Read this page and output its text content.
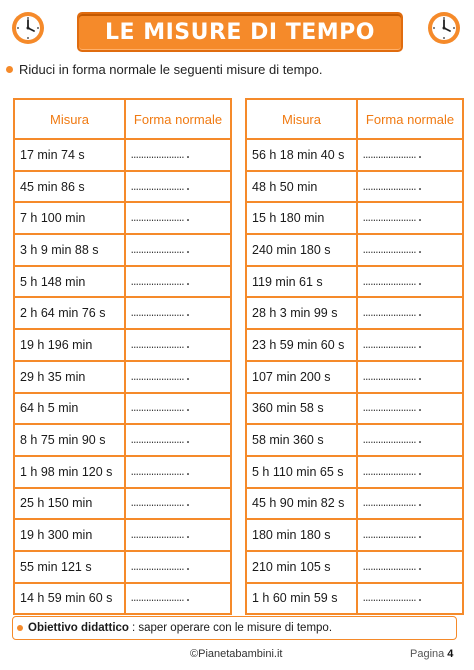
LE MISURE DI TEMPO
Riduci in forma normale le seguenti misure di tempo.
Misura	Forma normale
17 min 74 s	………………….
45 min 86 s	………………….
7 h 100 min	………………….
3 h 9 min 88 s	………………….
5 h 148 min	………………….
2 h 64 min 76 s	………………….
19 h 196 min	………………….
29 h 35 min	………………….
64 h 5 min	………………….
8 h 75 min 90 s	………………….
1 h 98 min 120 s	………………….
25 h 150 min	………………….
19 h 300 min	………………….
55 min 121 s	………………….
14 h 59 min 60 s	………………….
Misura	Forma normale
56 h 18 min 40 s	………………….
48 h 50 min	………………….
15 h 180 min	………………….
240 min 180 s	………………….
119 min 61 s	………………….
28 h 3 min 99 s	………………….
23 h 59 min 60 s	………………….
107 min 200 s	………………….
360 min 58 s	………………….
58 min 360 s	………………….
5 h 110 min 65 s	………………….
45 h 90 min 82 s	………………….
180 min 180 s	………………….
210 min 105 s	………………….
1 h 60 min 59 s	………………….
Obiettivo didattico : saper operare con le misure di tempo.
©Pianetabambini.it	Pagina 4
